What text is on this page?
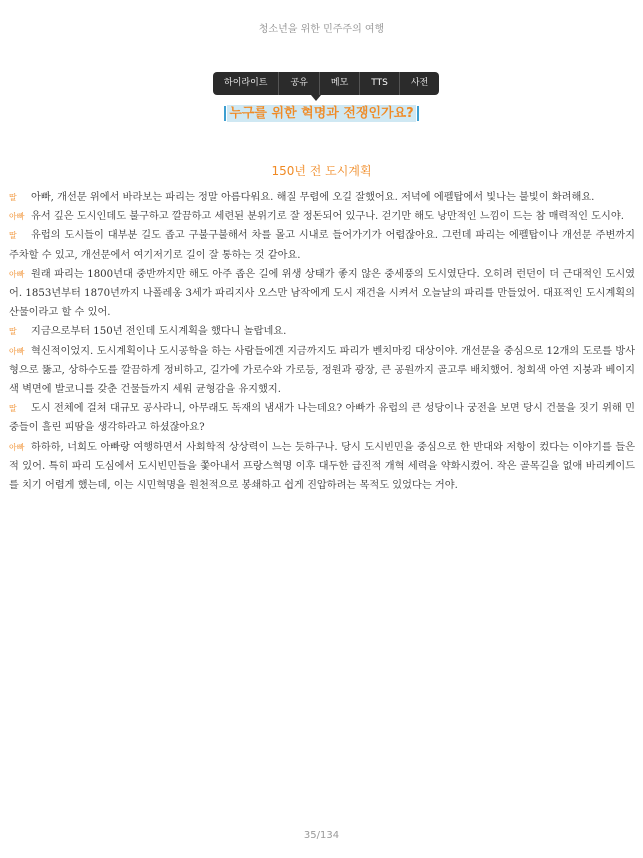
청소년을 위한 민주주의 여행
하이라이트	공유	메모	TTS	사전
누구를 위한 혁명과 전쟁인가요?
150년 전 도시계획

딸 아빠, 개선문 위에서 바라보는 파리는 정말 아름다워요. 해질 무렵에 오길 잘했어요. 저녁에 에펠탑에서 빛나는 불빛이 화려해요.

아빠 유서 깊은 도시인데도 불구하고 깔끔하고 세련된 분위기로 잘 정돈되어 있구나. 걷기만 해도 낭만적인 느낌이 드는 참 매력적인 도시야.

딸 유럽의 도시들이 대부분 길도 좁고 구불구불해서 차를 몰고 시내로 들어가기가 어렵잖아요. 그런데 파리는 에펠탑이나 개선문 주변까지 주차할 수 있고, 개선문에서 여기저기로 길이 잘 통하는 것 같아요.

아빠 원래 파리는 1800년대 중반까지만 해도 아주 좁은 길에 위생 상태가 좋지 않은 중세풍의 도시였단다. 오히려 런던이 더 근대적인 도시였어. 1853년부터 1870년까지 나폴레옹 3세가 파리지사 오스만 남작에게 도시 재건을 시켜서 오늘날의 파리를 만들었어. 대표적인 도시계획의 산물이라고 할 수 있어.

딸 지금으로부터 150년 전인데 도시계획을 했다니 놀랍네요.

아빠 혁신적이었지. 도시계획이나 도시공학을 하는 사람들에겐 지금까지도 파리가 벤치마킹 대상이야. 개선문을 중심으로 12개의 도로를 방사형으로 뚫고, 상하수도를 깔끔하게 정비하고, 길가에 가로수와 가로등, 정원과 광장, 큰 공원까지 골고루 배치했어. 청회색 아연 지붕과 베이지색 벽면에 발코니를 갖춘 건물들까지 세워 균형감을 유지했지.

딸 도시 전체에 걸쳐 대규모 공사라니, 아무래도 독재의 냄새가 나는데요? 아빠가 유럽의 큰 성당이나 궁전을 보면 당시 건물을 짓기 위해 민중들이 흘린 피땀을 생각하라고 하셨잖아요?

아빠 하하하, 너희도 아빠랑 여행하면서 사회학적 상상력이 느는 듯하구나. 당시 도시빈민을 중심으로 한 반대와 저항이 컸다는 이야기를 들은 적 있어. 특히 파리 도심에서 도시빈민들을 쫓아내서 프랑스혁명 이후 대두한 급진적 개혁 세력을 약화시켰어. 작은 골목길을 없애 바리케이드를 치기 어렵게 했는데, 이는 시민혁명을 원천적으로 봉쇄하고 쉽게 진압하려는 목적도 있었다는 거야.

35/134
